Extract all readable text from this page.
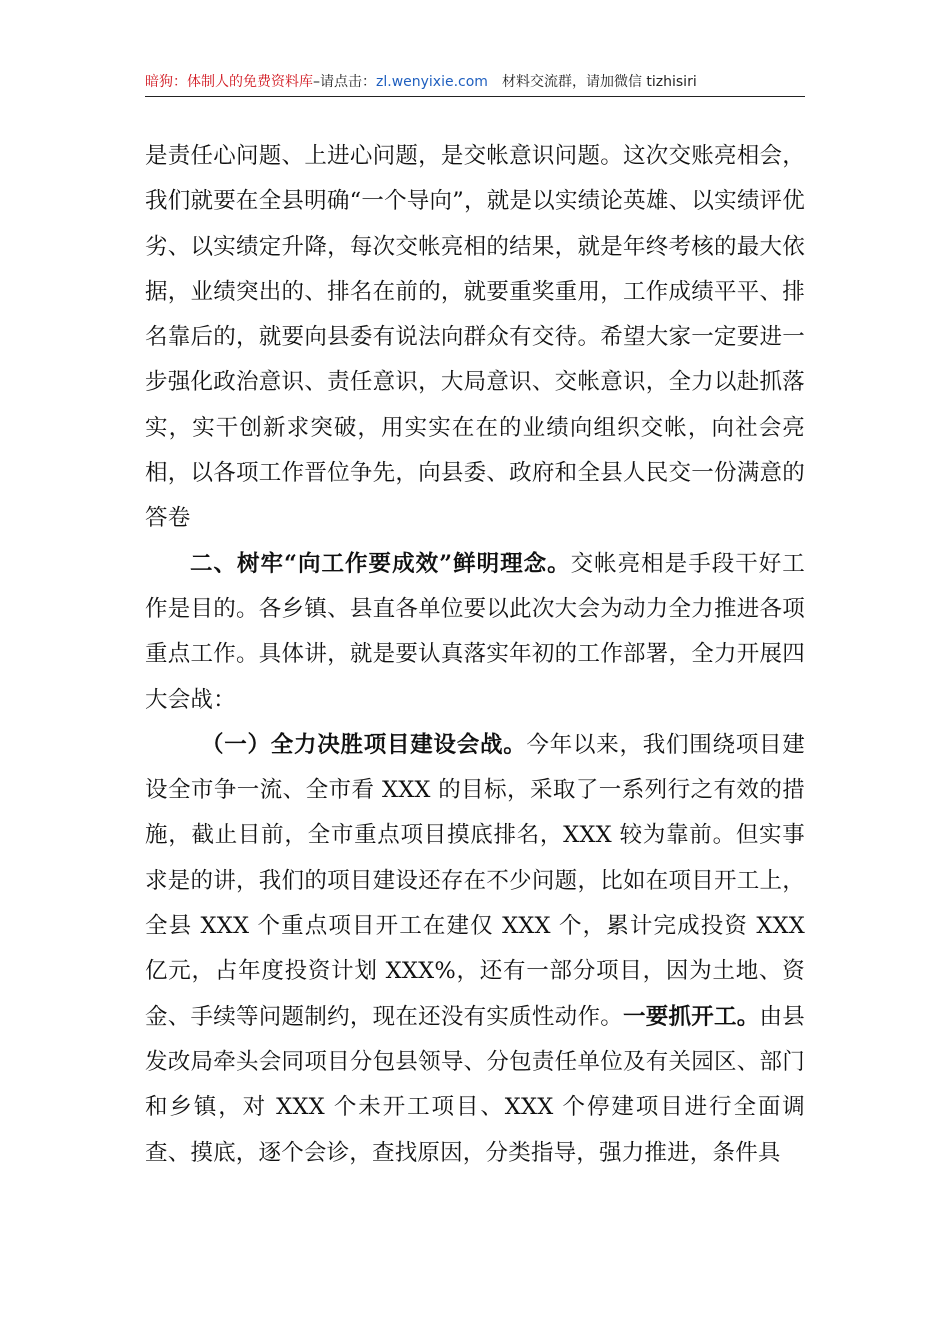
暗狗：体制人的免费资料库–请点击：zl.wenyixie.com 材料交流群，请加微信 tizhisiri

是责任心问题、上进心问题，是交帐意识问题。这次交账亮相会，我们就要在全县明确“一个导向”，就是以实绩论英雄、以实绩评优劣、以实绩定升降，每次交帐亮相的结果，就是年终考核的最大依据，业绩突出的、排名在前的，就要重奖重用，工作成绩平平、排名靠后的，就要向县委有说法向群众有交待。希望大家一定要进一步强化政治意识、责任意识，大局意识、交帐意识，全力以赴抓落实，实干创新求突破，用实实在在的业绩向组织交帐，向社会亮相，以各项工作晋位争先，向县委、政府和全县人民交一份满意的答卷

二、树牢“向工作要成效”鲜明理念。交帐亮相是手段干好工作是目的。各乡镇、县直各单位要以此次大会为动力全力推进各项重点工作。具体讲，就是要认真落实年初的工作部署，全力开展四大会战：

（一）全力决胜项目建设会战。今年以来，我们围绕项目建设全市争一流、全市看 XXX 的目标，采取了一系列行之有效的措施，截止目前，全市重点项目摸底排名，XXX 较为靠前。但实事求是的讲，我们的项目建设还存在不少问题，比如在项目开工上，全县 XXX 个重点项目开工在建仅 XXX 个，累计完成投资 XXX 亿元，占年度投资计划 XXX%，还有一部分项目，因为土地、资金、手续等问题制约，现在还没有实质性动作。一要抓开工。由县发改局牵头会同项目分包县领导、分包责任单位及有关园区、部门和乡镇，对 XXX 个未开工项目、XXX 个停建项目进行全面调查、摸底，逐个会诊，查找原因，分类指导，强力推进，条件具
